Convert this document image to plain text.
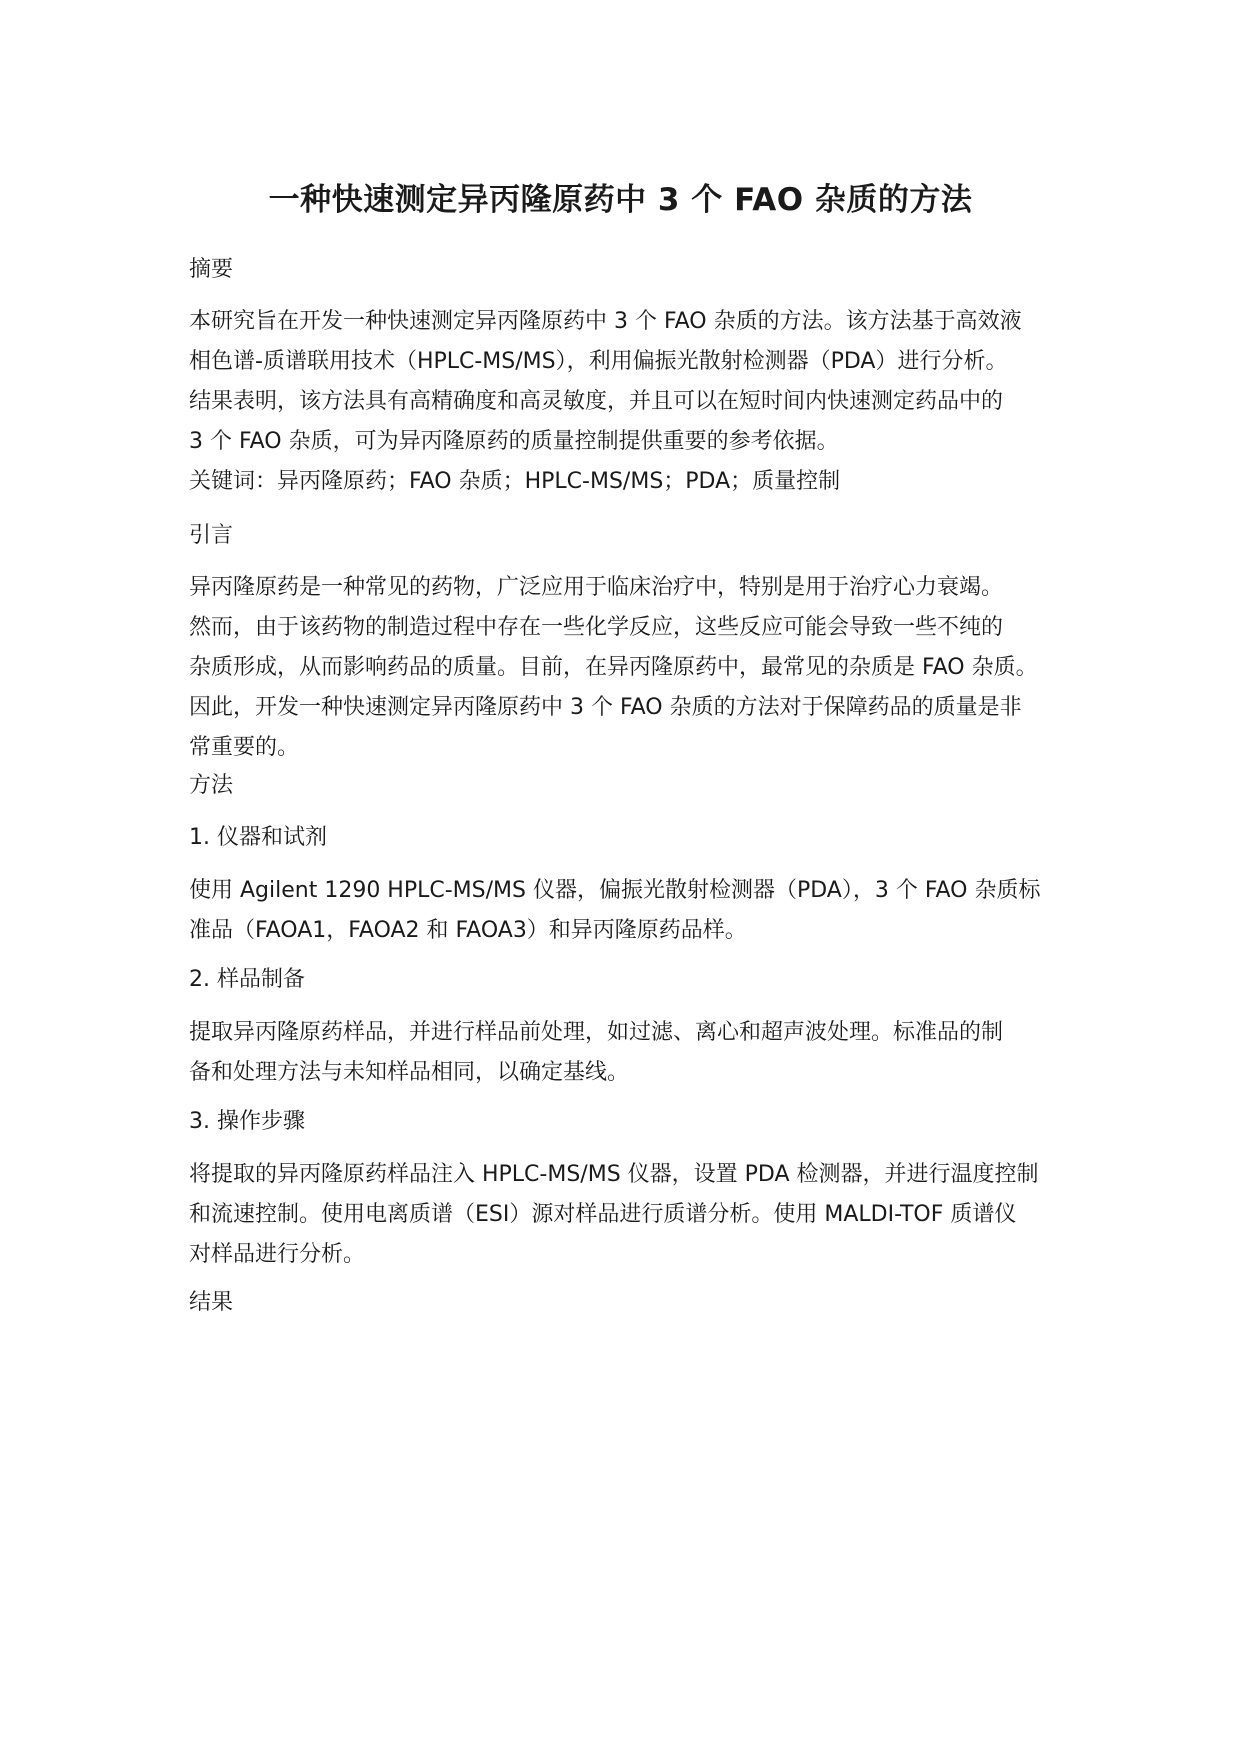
一种快速测定异丙隆原药中 3 个 FAO 杂质的方法

摘要

本研究旨在开发一种快速测定异丙隆原药中 3 个 FAO 杂质的方法。该方法基于高效液
相色谱-质谱联用技术（HPLC-MS/MS），利用偏振光散射检测器（PDA）进行分析。
结果表明，该方法具有高精确度和高灵敏度，并且可以在短时间内快速测定药品中的
3 个 FAO 杂质，可为异丙隆原药的质量控制提供重要的参考依据。

关键词：异丙隆原药；FAO 杂质；HPLC-MS/MS；PDA；质量控制

引言

异丙隆原药是一种常见的药物，广泛应用于临床治疗中，特别是用于治疗心力衰竭。
然而，由于该药物的制造过程中存在一些化学反应，这些反应可能会导致一些不纯的
杂质形成，从而影响药品的质量。目前，在异丙隆原药中，最常见的杂质是 FAO 杂质。
因此，开发一种快速测定异丙隆原药中 3 个 FAO 杂质的方法对于保障药品的质量是非
常重要的。

方法

1. 仪器和试剂

使用 Agilent 1290 HPLC-MS/MS 仪器，偏振光散射检测器（PDA），3 个 FAO 杂质标
准品（FAOA1，FAOA2 和 FAOA3）和异丙隆原药品样。

2. 样品制备

提取异丙隆原药样品，并进行样品前处理，如过滤、离心和超声波处理。标准品的制
备和处理方法与未知样品相同，以确定基线。

3. 操作步骤

将提取的异丙隆原药样品注入 HPLC-MS/MS 仪器，设置 PDA 检测器，并进行温度控制
和流速控制。使用电离质谱（ESI）源对样品进行质谱分析。使用 MALDI-TOF 质谱仪
对样品进行分析。

结果
